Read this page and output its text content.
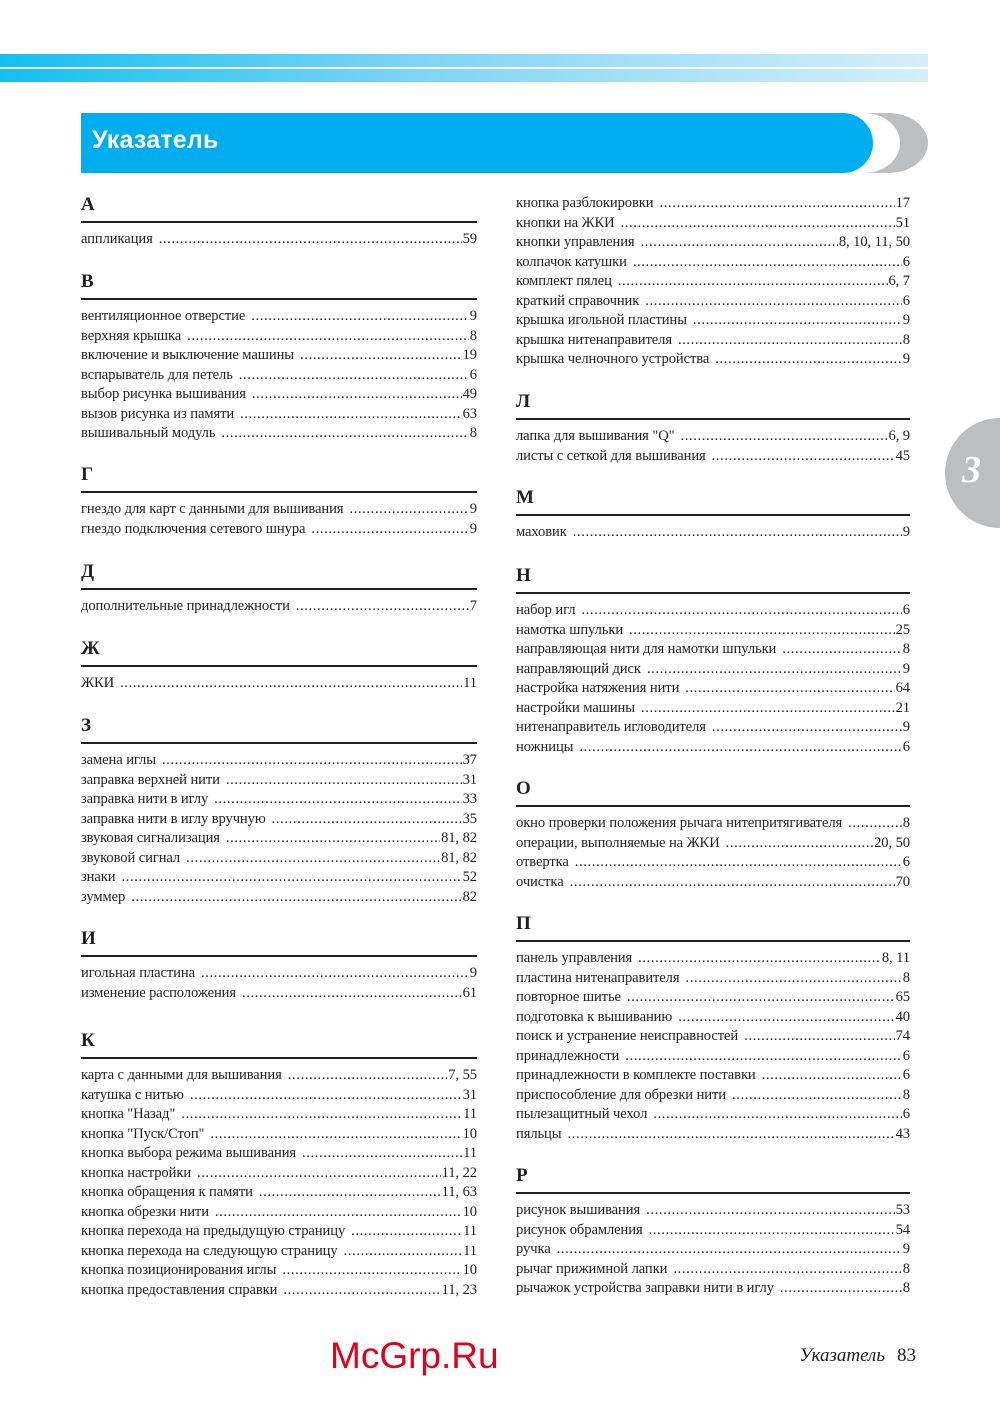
Указатель
A
аппликация .....	59
В
вентиляционное отверстие .....	9
верхняя крышка .....	8
включение и выключение машины .....	19
вспарыватель для петель .....	6
выбор рисунка вышивания .....	49
вызов рисунка из памяти .....	63
вышивальный модуль .....	8
Г
гнездо для карт с данными для вышивания .....	9
гнездо подключения сетевого шнура .....	9
Д
дополнительные принадлежности .....	7
Ж
ЖКИ .....	11
З
замена иглы .....	37
заправка верхней нити .....	31
заправка нити в иглу .....	33
заправка нити в иглу вручную .....	35
звуковая сигнализация .....	81, 82
звуковой сигнал .....	81, 82
знаки .....	52
зуммер .....	82
И
игольная пластина .....	9
изменение расположения .....	61
К
карта с данными для вышивания .....	7, 55
катушка с нитью .....	31
кнопка "Назад" .....	11
кнопка "Пуск/Стоп" .....	10
кнопка выбора режима вышивания .....	11
кнопка настройки .....	11, 22
кнопка обращения к памяти .....	11, 63
кнопка обрезки нити .....	10
кнопка перехода на предыдущую страницу .....	11
кнопка перехода на следующую страницу .....	11
кнопка позиционирования иглы .....	10
кнопка предоставления справки .....	11, 23
кнопка разблокировки .....	17
кнопки на ЖКИ .....	51
кнопки управления .....	8, 10, 11, 50
колпачок катушки .....	6
комплект пялец .....	6, 7
краткий справочник .....	6
крышка игольной пластины .....	9
крышка нитенаправителя .....	8
крышка челночного устройства .....	9
Л
лапка для вышивания "Q" .....	6, 9
листы с сеткой для вышивания .....	45
М
маховик .....	9
Н
набор игл .....	6
намотка шпульки .....	25
направляющая нити для намотки шпульки .....	8
направляющий диск .....	9
настройка натяжения нити .....	64
настройки машины .....	21
нитенаправитель игловодителя .....	9
ножницы .....	6
О
окно проверки положения рычага нитепритягивателя .....	8
операции, выполняемые на ЖКИ .....	20, 50
отвертка .....	6
очистка .....	70
П
панель управления .....	8, 11
пластина нитенаправителя .....	8
повторное шитье .....	65
подготовка к вышиванию .....	40
поиск и устранение неисправностей .....	74
принадлежности .....	6
принадлежности в комплекте поставки .....	6
приспособление для обрезки нити .....	8
пылезащитный чехол .....	6
пяльцы .....	43
Р
рисунок вышивания .....	53
рисунок обрамления .....	54
ручка .....	9
рычаг прижимной лапки .....	8
рычажок устройства заправки нити в иглу .....	8
3
McGrp.Ru	Указатель 83
